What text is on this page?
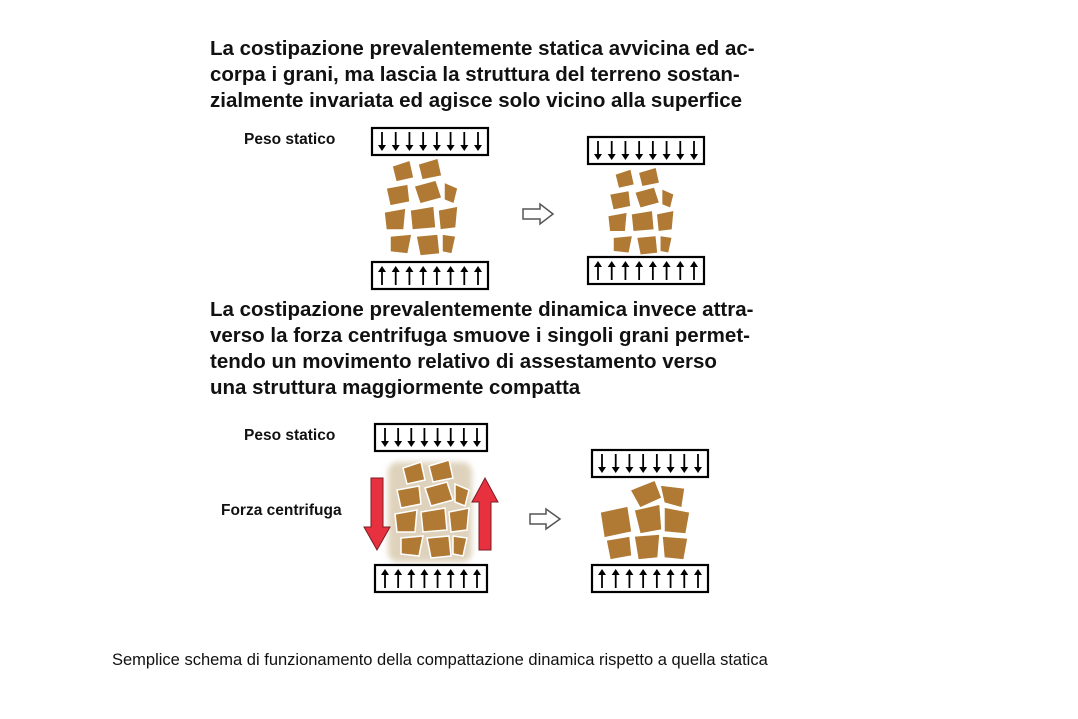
La costipazione prevalentemente statica avvicina ed ac-
corpa i grani, ma lascia la struttura del terreno sostan-
zialmente invariata ed agisce solo vicino alla superfice
Peso statico
La costipazione prevalentemente dinamica invece attra-
verso la forza centrifuga smuove i singoli grani permet-
tendo un movimento relativo di assestamento verso
una struttura maggiormente compatta
Peso statico
Forza centrifuga
Semplice schema di funzionamento della compattazione dinamica rispetto a quella statica
